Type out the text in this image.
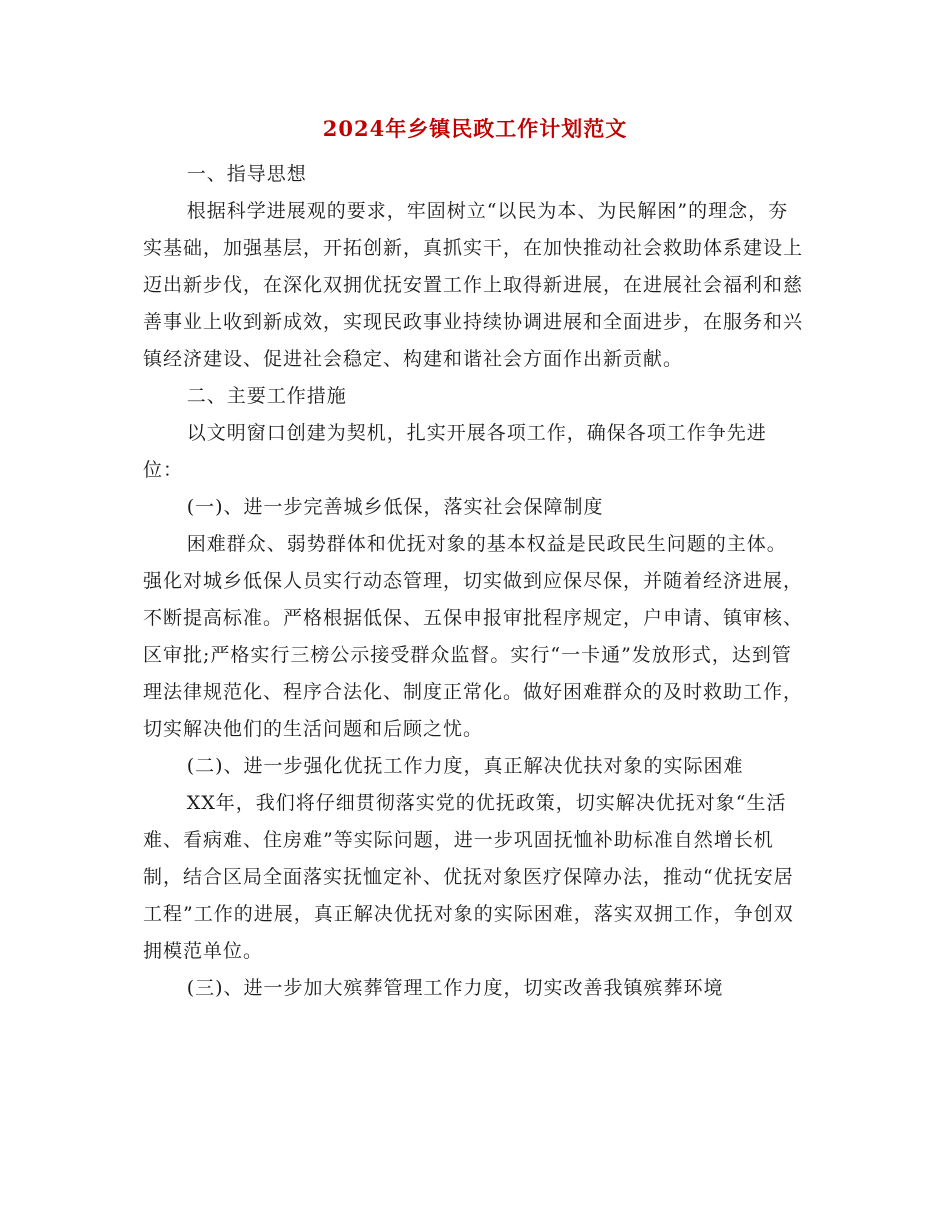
2024年乡镇民政工作计划范文

一、指导思想

根据科学进展观的要求，牢固树立“以民为本、为民解困”的理念，夯实基础，加强基层，开拓创新，真抓实干，在加快推动社会救助体系建设上迈出新步伐，在深化双拥优抚安置工作上取得新进展，在进展社会福利和慈善事业上收到新成效，实现民政事业持续协调进展和全面进步，在服务和兴镇经济建设、促进社会稳定、构建和谐社会方面作出新贡献。

二、主要工作措施

以文明窗口创建为契机，扎实开展各项工作，确保各项工作争先进位：

(一)、进一步完善城乡低保，落实社会保障制度

困难群众、弱势群体和优抚对象的基本权益是民政民生问题的主体。强化对城乡低保人员实行动态管理，切实做到应保尽保，并随着经济进展，不断提高标准。严格根据低保、五保申报审批程序规定，户申请、镇审核、区审批;严格实行三榜公示接受群众监督。实行“一卡通”发放形式，达到管理法律规范化、程序合法化、制度正常化。做好困难群众的及时救助工作，切实解决他们的生活问题和后顾之忧。

(二)、进一步强化优抚工作力度，真正解决优扶对象的实际困难

XX年，我们将仔细贯彻落实党的优抚政策，切实解决优抚对象“生活难、看病难、住房难”等实际问题，进一步巩固抚恤补助标准自然增长机制，结合区局全面落实抚恤定补、优抚对象医疗保障办法，推动“优抚安居工程”工作的进展，真正解决优抚对象的实际困难，落实双拥工作，争创双拥模范单位。

(三)、进一步加大殡葬管理工作力度，切实改善我镇殡葬环境
